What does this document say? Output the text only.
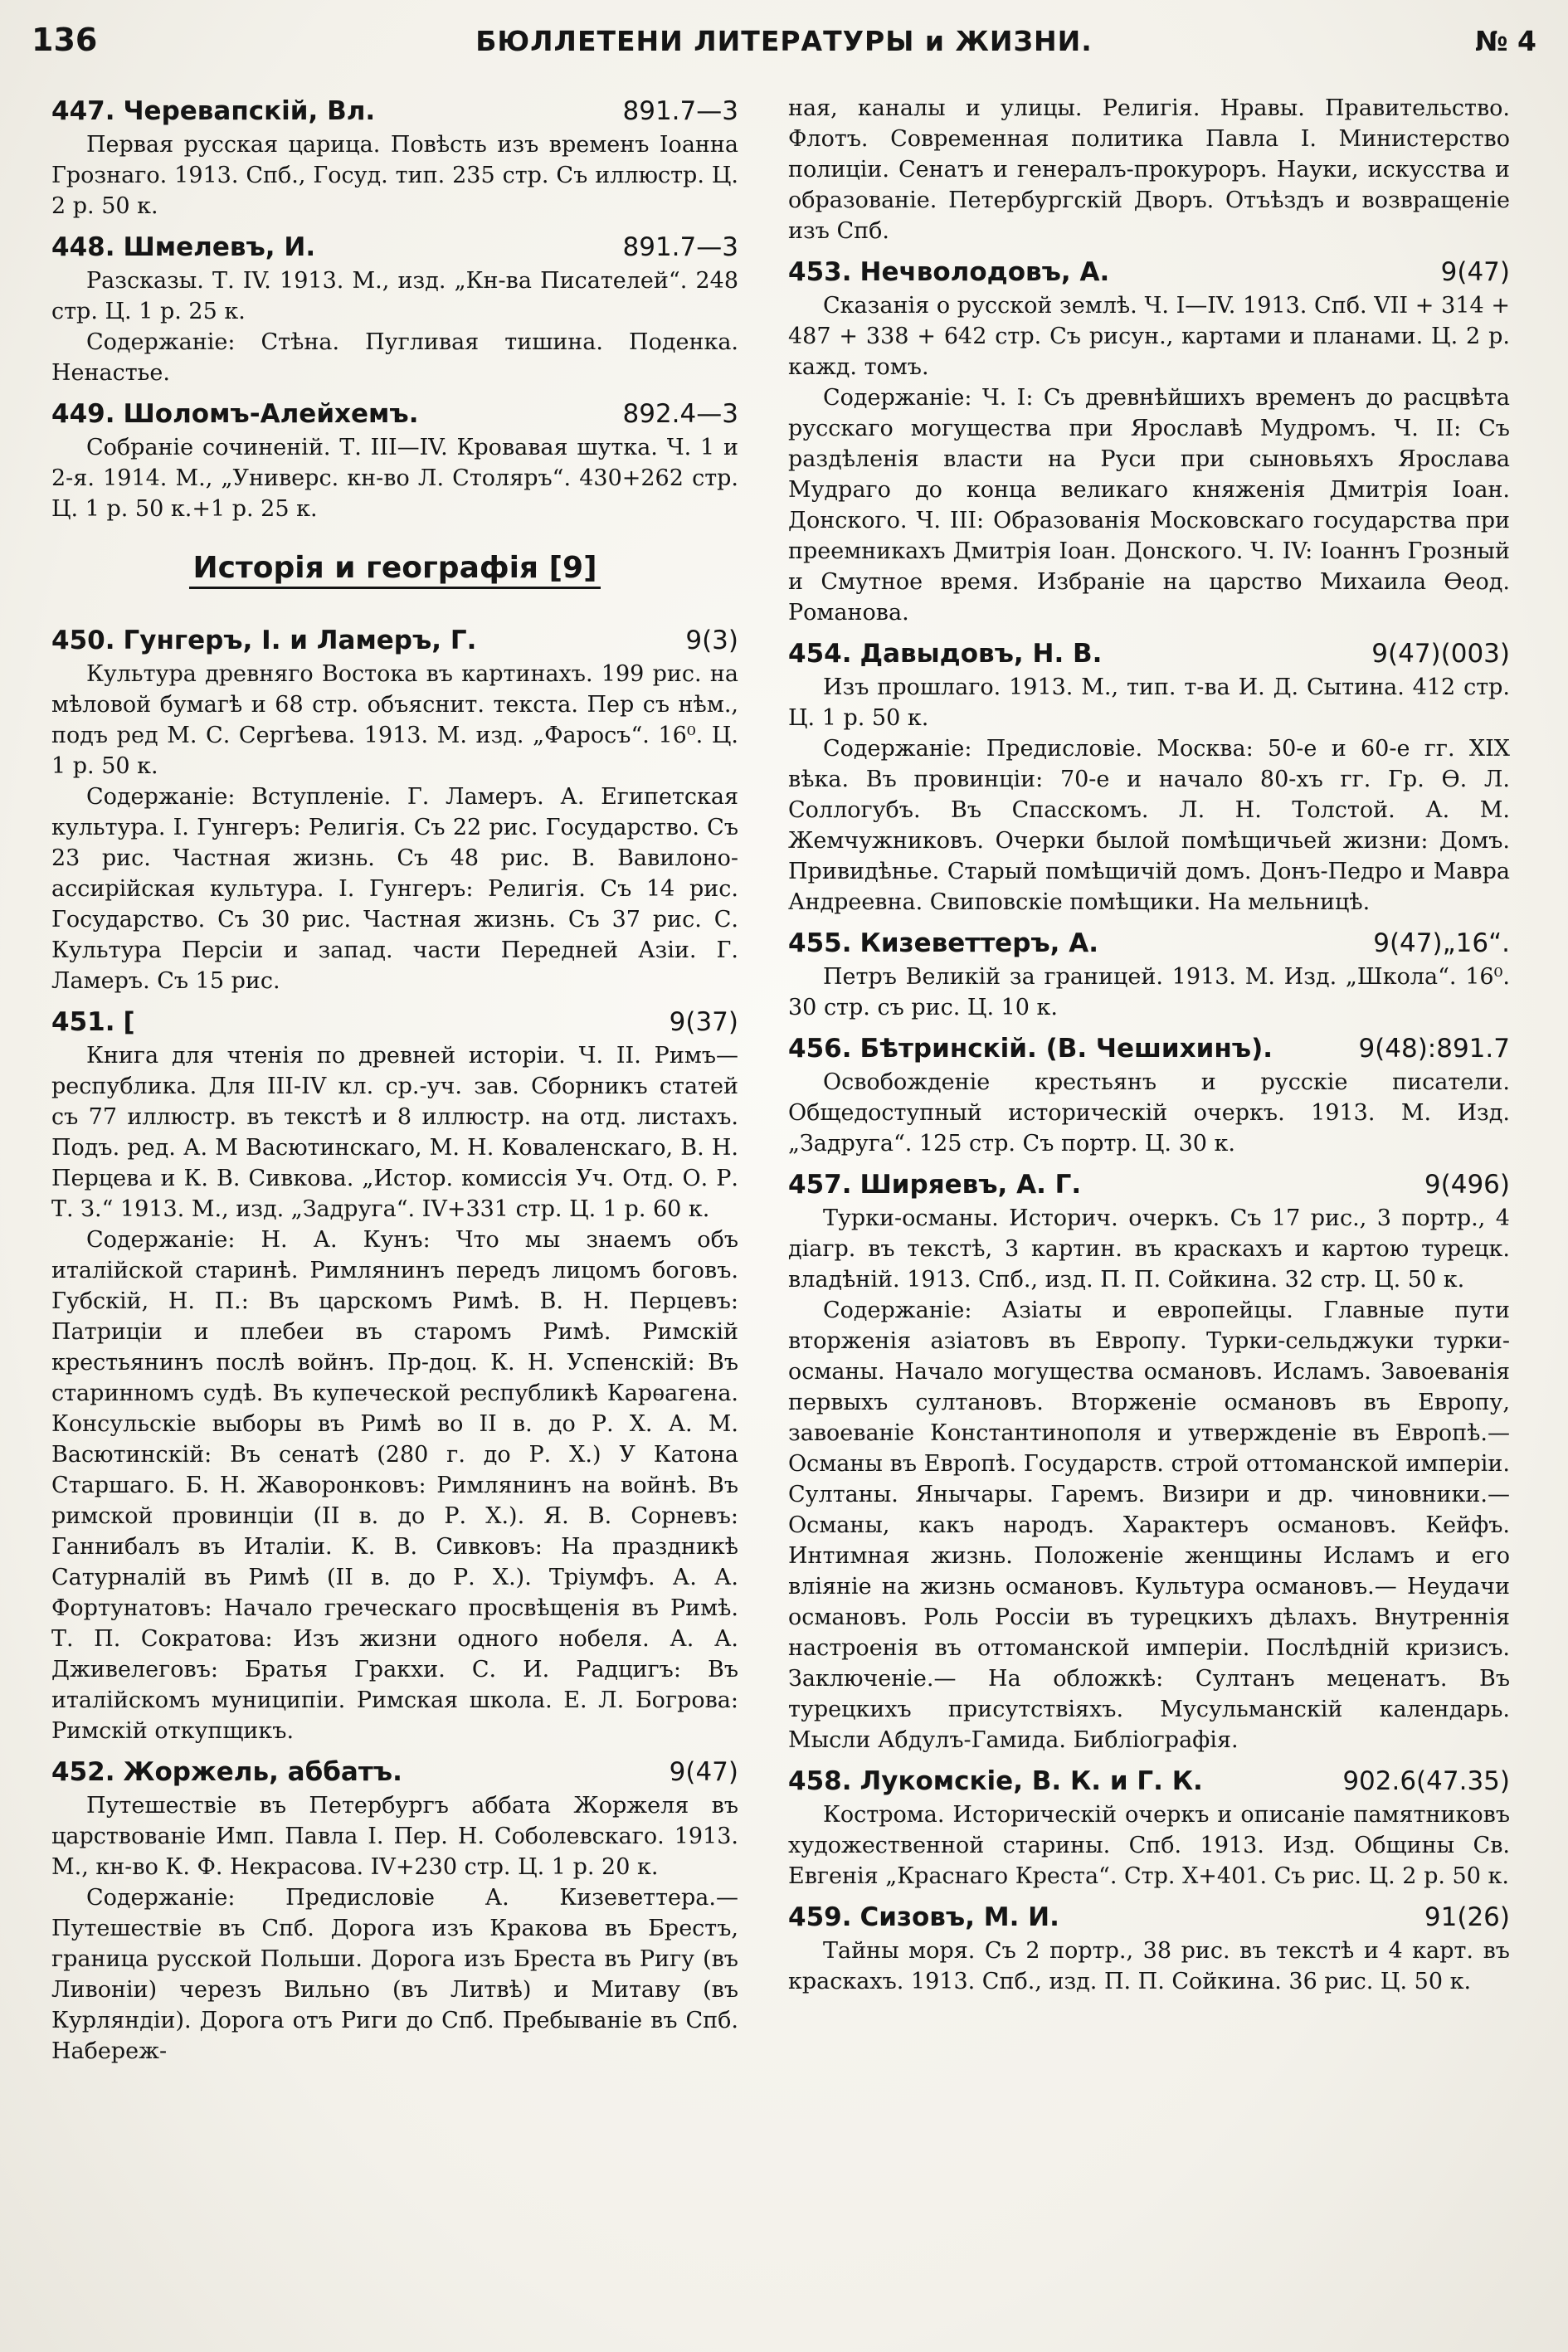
136	БЮЛЛЕТЕНИ ЛИТЕРАТУРЫ и ЖИЗНИ.	№ 4
447. Черевапскій, Вл.	891.7—3

Первая русская царица. Повѣсть изъ временъ Іоанна Грознаго. 1913. Спб., Госуд. тип. 235 стр. Съ иллюстр. Ц. 2 р. 50 к.

448. Шмелевъ, И.	891.7—3

Разсказы. Т. IV. 1913. М., изд. „Кн-ва Писателей“. 248 стр. Ц. 1 р. 25 к.

Содержаніе: Стѣна. Пугливая тишина. Поденка. Ненастье.

449. Шоломъ-Алейхемъ.	892.4—3

Собраніе сочиненій. Т. III—IV. Кровавая шутка. Ч. 1 и 2-я. 1914. М., „Универс. кн-во Л. Столяръ“. 430+262 стр. Ц. 1 р. 50 к.+1 р. 25 к.

Исторія и географія [9]
450. Гунгеръ, І. и Ламеръ, Г.	9(3)

Культура древняго Востока въ картинахъ. 199 рис. на мѣловой бумагѣ и 68 стр. объяснит. текста. Пер съ нѣм., подъ ред М. С. Сергѣева. 1913. М. изд. „Фаросъ“. 16⁰. Ц. 1 р. 50 к.

Содержаніе: Вступленіе. Г. Ламеръ. А. Египетская культура. І. Гунгеръ: Религія. Съ 22 рис. Государство. Съ 23 рис. Частная жизнь. Съ 48 рис. В. Вавилоно-ассирійская культура. І. Гунгеръ: Религія. Съ 14 рис. Государство. Съ 30 рис. Частная жизнь. Съ 37 рис. С. Культура Персіи и запад. части Передней Азіи. Г. Ламеръ. Съ 15 рис.

451. [	9(37)

Книга для чтенія по древней исторіи. Ч. II. Римъ—республика. Для III-IV кл. ср.-уч. зав. Сборникъ статей съ 77 иллюстр. въ текстѣ и 8 иллюстр. на отд. листахъ. Подъ. ред. А. М Васютинскаго, М. Н. Коваленскаго, В. Н. Перцева и К. В. Сивкова. „Истор. комиссія Уч. Отд. О. Р. Т. З.“ 1913. М., изд. „Задруга“. IV+331 стр. Ц. 1 р. 60 к.

Содержаніе: Н. А. Кунъ: Что мы знаемъ объ италійской старинѣ. Римлянинъ передъ лицомъ боговъ. Губскій, Н. П.: Въ царскомъ Римѣ. В. Н. Перцевъ: Патриціи и плебеи въ старомъ Римѣ. Римскій крестьянинъ послѣ войнъ. Пр-доц. К. Н. Успенскій: Въ старинномъ судѣ. Въ купеческой республикѣ Карѳагена. Консульскіе выборы въ Римѣ во II в. до Р. Х. А. М. Васютинскій: Въ сенатѣ (280 г. до Р. Х.) У Катона Старшаго. Б. Н. Жаворонковъ: Римлянинъ на войнѣ. Въ римской провинціи (II в. до Р. Х.). Я. В. Сорневъ: Ганнибалъ въ Италіи. К. В. Сивковъ: На праздникѣ Сатурналій въ Римѣ (II в. до Р. Х.). Тріумфъ. А. А. Фортунатовъ: Начало греческаго просвѣщенія въ Римѣ. Т. П. Сократова: Изъ жизни одного нобеля. А. А. Дживелеговъ: Братья Гракхи. С. И. Радцигъ: Въ италійскомъ муниципіи. Римская школа. Е. Л. Богрова: Римскій откупщикъ.

452. Жоржель, аббатъ.	9(47)

Путешествіе въ Петербургъ аббата Жоржеля въ царствованіе Имп. Павла І. Пер. Н. Соболевскаго. 1913. М., кн-во К. Ф. Некрасова. IV+230 стр. Ц. 1 р. 20 к.

Содержаніе: Предисловіе А. Кизеветтера.— Путешествіе въ Спб. Дорога изъ Кракова въ Брестъ, граница русской Польши. Дорога изъ Бреста въ Ригу (въ Ливоніи) черезъ Вильно (въ Литвѣ) и Митаву (въ Курляндіи). Дорога отъ Риги до Спб. Пребываніе въ Спб. Набереж-

ная, каналы и улицы. Религія. Нравы. Правительство. Флотъ. Современная политика Павла І. Министерство полиціи. Сенатъ и генералъ-прокуроръ. Науки, искусства и образованіе. Петербургскій Дворъ. Отъѣздъ и возвращеніе изъ Спб.

453. Нечволодовъ, А.	9(47)

Сказанія о русской землѣ. Ч. I—IV. 1913. Спб. VII + 314 + 487 + 338 + 642 стр. Съ рисун., картами и планами. Ц. 2 р. кажд. томъ.

Содержаніе: Ч. I: Съ древнѣйшихъ временъ до расцвѣта русскаго могущества при Ярославѣ Мудромъ. Ч. II: Съ раздѣленія власти на Руси при сыновьяхъ Ярослава Мудраго до конца великаго княженія Дмитрія Іоан. Донского. Ч. III: Образованія Московскаго государства при преемникахъ Дмитрія Іоан. Донского. Ч. IV: Іоаннъ Грозный и Смутное время. Избраніе на царство Михаила Ѳеод. Романова.

454. Давыдовъ, Н. В.	9(47)(003)

Изъ прошлаго. 1913. М., тип. т-ва И. Д. Сытина. 412 стр. Ц. 1 р. 50 к.

Содержаніе: Предисловіе. Москва: 50-е и 60-е гг. XIX вѣка. Въ провинціи: 70-е и начало 80-хъ гг. Гр. Ѳ. Л. Соллогубъ. Въ Спасскомъ. Л. Н. Толстой. А. М. Жемчужниковъ. Очерки былой помѣщичьей жизни: Домъ. Привидѣнье. Старый помѣщичій домъ. Донъ-Педро и Мавра Андреевна. Свиповскіе помѣщики. На мельницѣ.

455. Кизеветтеръ, А.	9(47)„16“.

Петръ Великій за границей. 1913. М. Изд. „Школа“. 16⁰. 30 стр. съ рис. Ц. 10 к.

456. Бѣтринскій. (В. Чешихинъ).	9(48):891.7

Освобожденіе крестьянъ и русскіе писатели. Общедоступный историческій очеркъ. 1913. М. Изд. „Задруга“. 125 стр. Съ портр. Ц. 30 к.

457. Ширяевъ, А. Г.	9(496)

Турки-османы. Историч. очеркъ. Съ 17 рис., 3 портр., 4 діагр. въ текстѣ, 3 картин. въ краскахъ и картою турецк. владѣній. 1913. Спб., изд. П. П. Сойкина. 32 стр. Ц. 50 к.

Содержаніе: Азіаты и европейцы. Главные пути вторженія азіатовъ въ Европу. Турки-сельджуки турки-османы. Начало могущества османовъ. Исламъ. Завоеванія первыхъ султановъ. Вторженіе османовъ въ Европу, завоеваніе Константинополя и утвержденіе въ Европѣ.— Османы въ Европѣ. Государств. строй оттоманской имперіи. Султаны. Янычары. Гаремъ. Визири и др. чиновники.— Османы, какъ народъ. Характеръ османовъ. Кейфъ. Интимная жизнь. Положеніе женщины Исламъ и его вліяніе на жизнь османовъ. Культура османовъ.— Неудачи османовъ. Роль Россіи въ турецкихъ дѣлахъ. Внутреннія настроенія въ оттоманской имперіи. Послѣдній кризисъ. Заключеніе.— На обложкѣ: Султанъ меценатъ. Въ турецкихъ присутствіяхъ. Мусульманскій календарь. Мысли Абдулъ-Гамида. Библіографія.

458. Лукомскіе, В. К. и Г. К.	902.6(47.35)

Кострома. Историческій очеркъ и описаніе памятниковъ художественной старины. Спб. 1913. Изд. Общины Св. Евгенія „Краснаго Креста“. Стр. Х+401. Съ рис. Ц. 2 р. 50 к.

459. Сизовъ, М. И.	91(26)

Тайны моря. Съ 2 портр., 38 рис. въ текстѣ и 4 карт. въ краскахъ. 1913. Спб., изд. П. П. Сойкина. 36 рис. Ц. 50 к.
